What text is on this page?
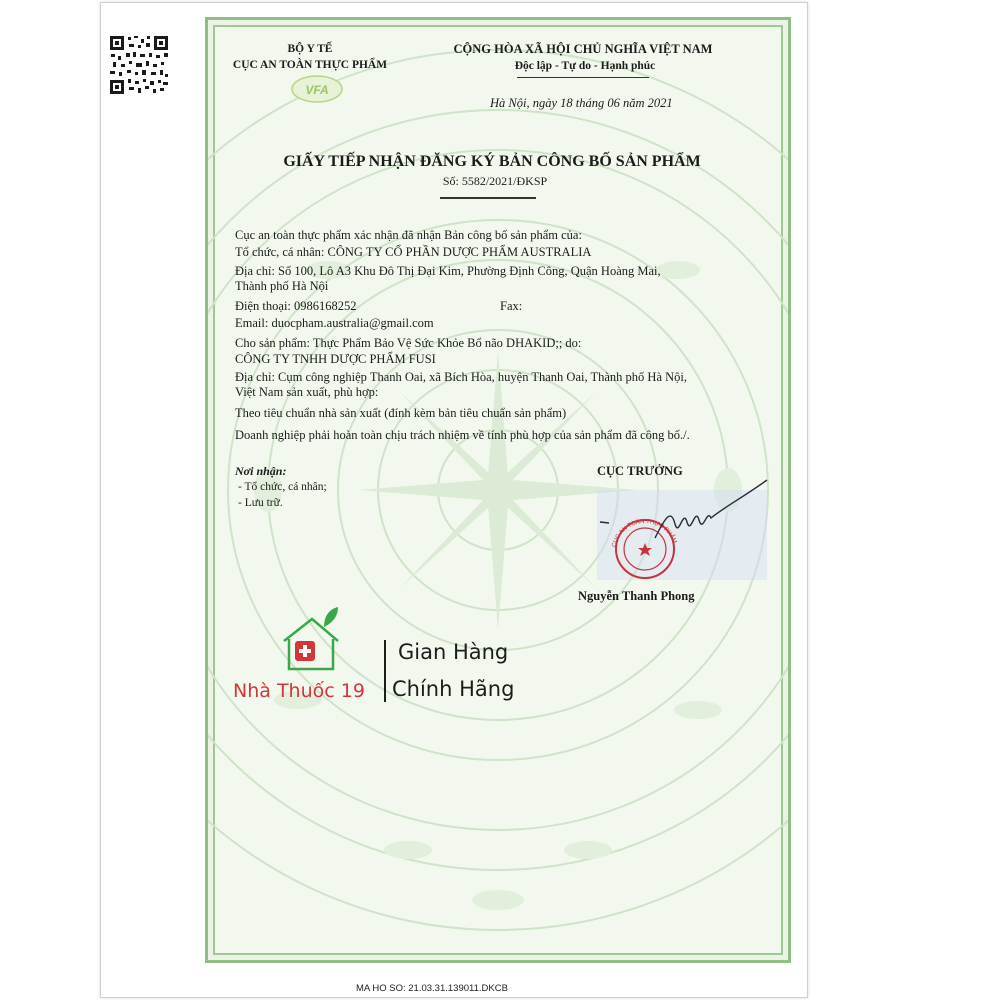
BỘ Y TẾ
CỤC AN TOÀN THỰC PHẨM
VFA
CỘNG HÒA XÃ HỘI CHỦ NGHĨA VIỆT NAM
Độc lập - Tự do - Hạnh phúc
Hà Nội, ngày 18 tháng 06 năm 2021
GIẤY TIẾP NHẬN ĐĂNG KÝ BẢN CÔNG BỐ SẢN PHẨM
Số: 5582/2021/ĐKSP
Cục an toàn thực phẩm xác nhận đã nhận Bản công bố sản phẩm của:
Tổ chức, cá nhân: CÔNG TY CỔ PHẦN DƯỢC PHẨM AUSTRALIA
Địa chỉ: Số 100, Lô A3 Khu Đô Thị Đại Kim, Phường Định Công, Quận Hoàng Mai,
Thành phố Hà Nội
Điện thoại: 0986168252	Fax:
Email: duocpham.australia@gmail.com
Cho sản phẩm: Thực Phẩm Bảo Vệ Sức Khỏe Bổ não DHAKID;; do:
CÔNG TY TNHH DƯỢC PHẨM FUSI
Địa chỉ: Cụm công nghiệp Thanh Oai, xã Bích Hòa, huyện Thanh Oai, Thành phố Hà Nội,
Việt Nam sản xuất, phù hợp:
Theo tiêu chuẩn nhà sản xuất (đính kèm bản tiêu chuẩn sản phẩm)
Doanh nghiệp phải hoàn toàn chịu trách nhiệm về tính phù hợp của sản phẩm đã công bố./.
Nơi nhận:
- Tổ chức, cá nhân;
- Lưu trữ.
CỤC TRƯỞNG
CỤC AN TOÀN THỰC PHẨM
Nguyễn Thanh Phong
Nhà Thuốc 19
Gian Hàng
Chính Hãng
MA HO SO: 21.03.31.139011.DKCB
